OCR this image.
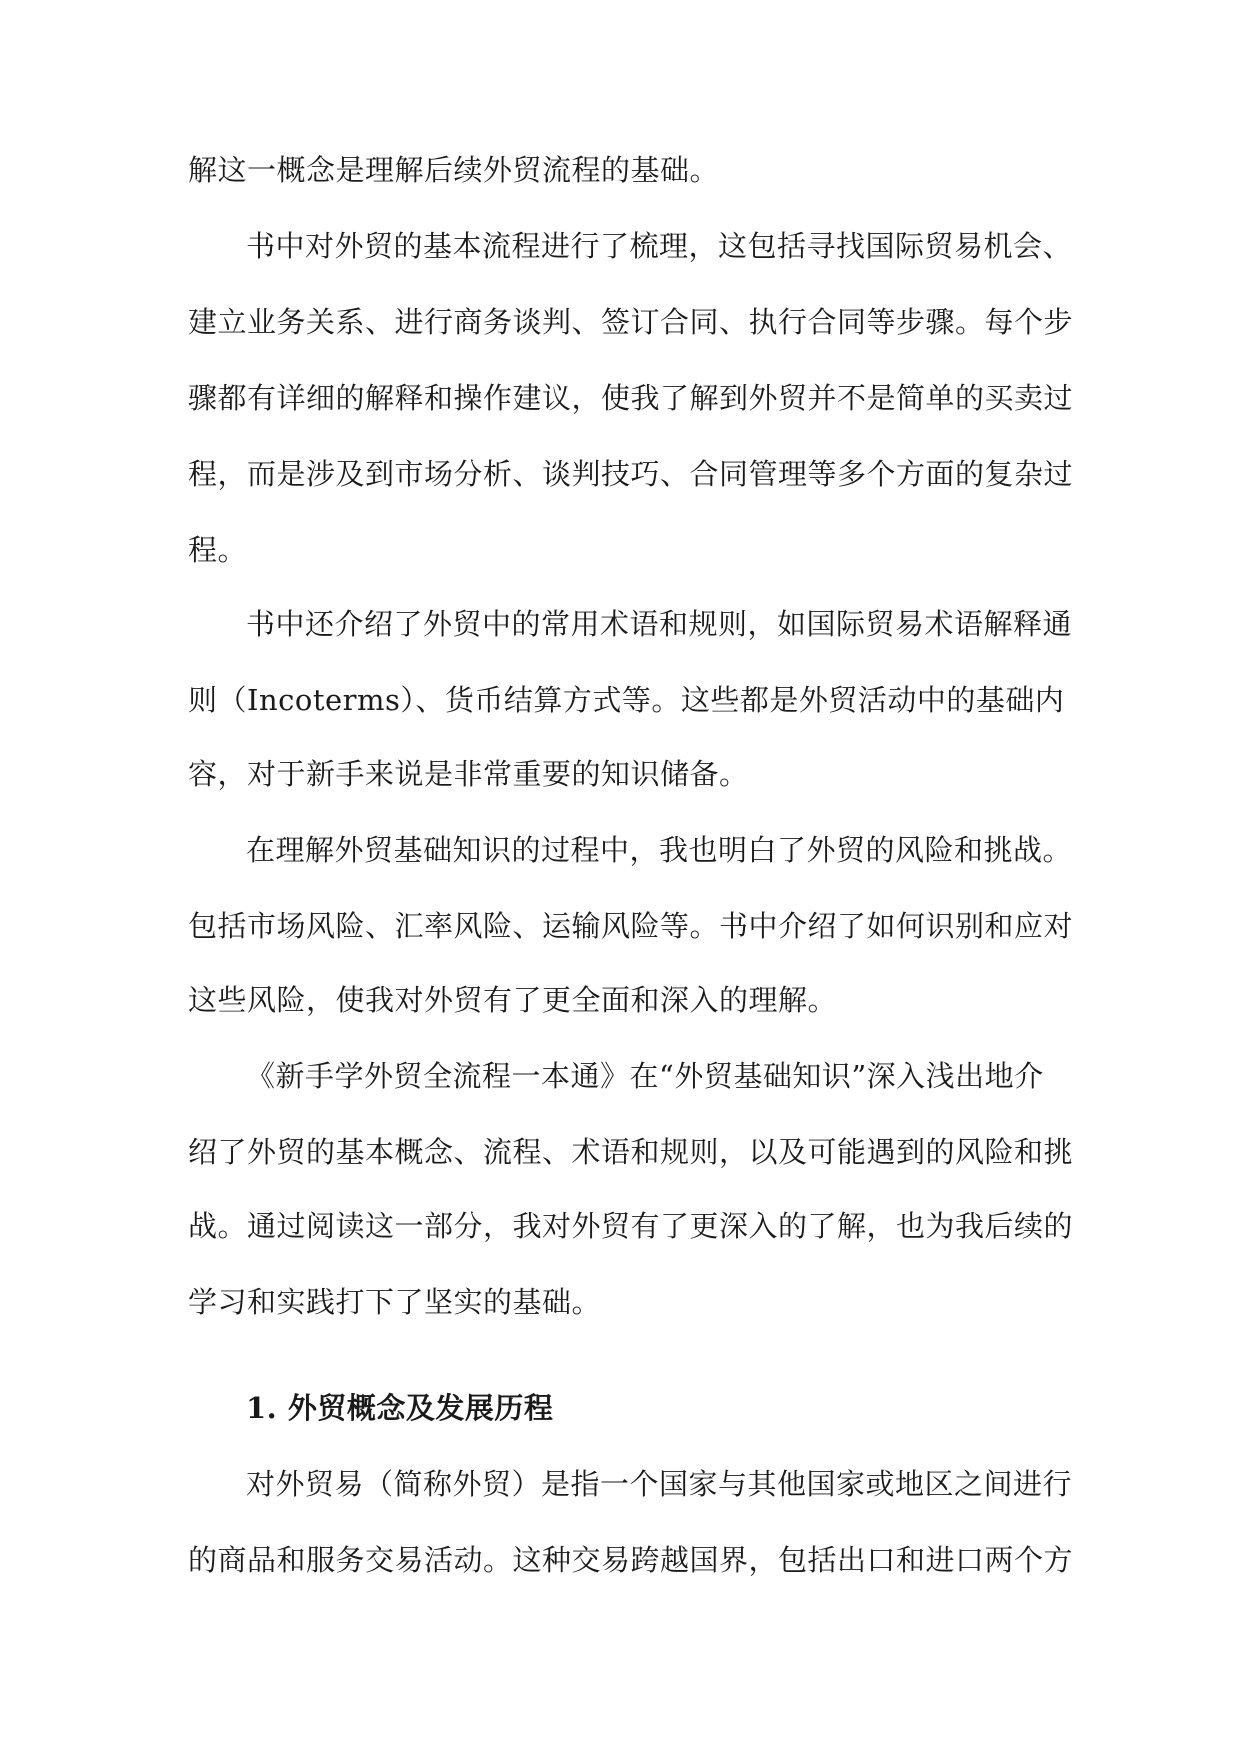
解这一概念是理解后续外贸流程的基础。
书中对外贸的基本流程进行了梳理，这包括寻找国际贸易机会、
建立业务关系、进行商务谈判、签订合同、执行合同等步骤。每个步
骤都有详细的解释和操作建议，使我了解到外贸并不是简单的买卖过
程，而是涉及到市场分析、谈判技巧、合同管理等多个方面的复杂过
程。
书中还介绍了外贸中的常用术语和规则，如国际贸易术语解释通
则（Incoterms）、货币结算方式等。这些都是外贸活动中的基础内
容，对于新手来说是非常重要的知识储备。
在理解外贸基础知识的过程中，我也明白了外贸的风险和挑战。
包括市场风险、汇率风险、运输风险等。书中介绍了如何识别和应对
这些风险，使我对外贸有了更全面和深入的理解。
《新手学外贸全流程一本通》在“外贸基础知识”深入浅出地介
绍了外贸的基本概念、流程、术语和规则，以及可能遇到的风险和挑
战。通过阅读这一部分，我对外贸有了更深入的了解，也为我后续的
学习和实践打下了坚实的基础。
1. 外贸概念及发展历程
对外贸易（简称外贸）是指一个国家与其他国家或地区之间进行
的商品和服务交易活动。这种交易跨越国界，包括出口和进口两个方
